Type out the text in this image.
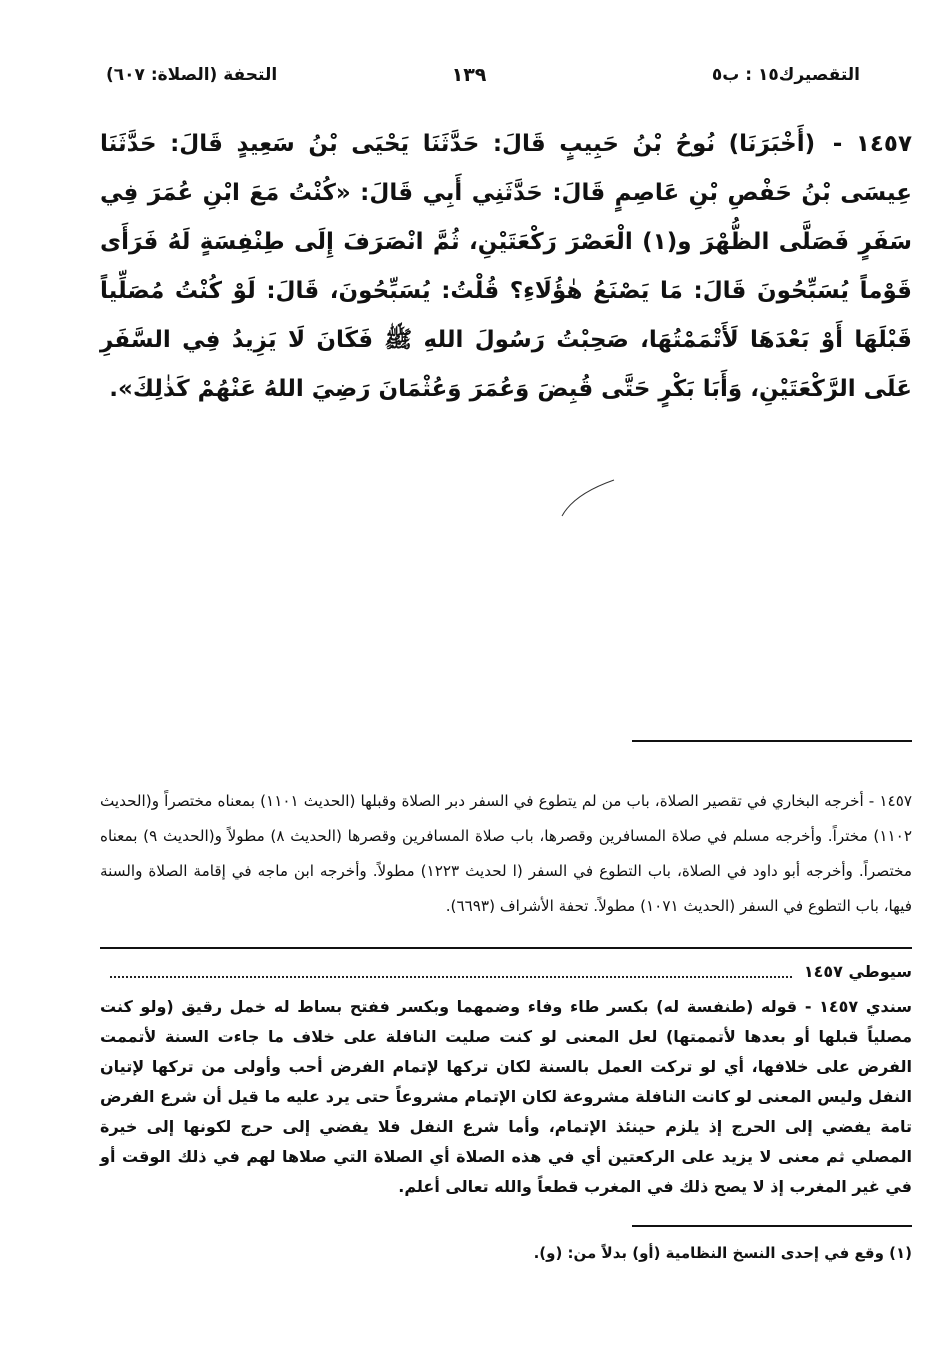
التقصيرك١٥ : ب٥
١٣٩
التحفة (الصلاة: ٦٠٧)

١٤٥٧ - (أَخْبَرَنَا) نُوحُ بْنُ حَبِيبٍ قَالَ: حَدَّثَنَا يَحْيَى بْنُ سَعِيدٍ قَالَ: حَدَّثَنَا عِيسَى بْنُ حَفْصِ بْنِ عَاصِمٍ قَالَ: حَدَّثَنِي أَبِي قَالَ: «كُنْتُ مَعَ ابْنِ عُمَرَ فِي سَفَرٍ فَصَلَّى الظُّهْرَ و(١) الْعَصْرَ رَكْعَتَيْنِ، ثُمَّ انْصَرَفَ إِلَى طِنْفِسَةٍ لَهُ فَرَأَى قَوْماً يُسَبِّحُونَ قَالَ: مَا يَصْنَعُ هٰؤُلَاءِ؟ قُلْتُ: يُسَبِّحُونَ، قَالَ: لَوْ كُنْتُ مُصَلِّياً قَبْلَهَا أَوْ بَعْدَهَا لَأَتْمَمْتُهَا، صَحِبْتُ رَسُولَ اللهِ ﷺ فَكَانَ لَا يَزِيدُ فِي السَّفَرِ عَلَى الرَّكْعَتَيْنِ، وَأَبَا بَكْرٍ حَتَّى قُبِضَ وَعُمَرَ وَعُثْمَانَ رَضِيَ اللهُ عَنْهُمْ كَذٰلِكَ».

١٤٥٧ - أخرجه البخاري في تقصير الصلاة، باب من لم يتطوع في السفر دبر الصلاة وقبلها (الحديث ١١٠١) بمعناه مختصراً و(الحديث ١١٠٢) مختراً. وأخرجه مسلم في صلاة المسافرين وقصرها، باب صلاة المسافرين وقصرها (الحديث ٨) مطولاً و(الحديث ٩) بمعناه مختصراً. وأخرجه أبو داود في الصلاة، باب التطوع في السفر (ا لحديث ١٢٢٣) مطولاً. وأخرجه ابن ماجه في إقامة الصلاة والسنة فيها، باب التطوع في السفر (الحديث ١٠٧١) مطولاً. تحفة الأشراف (٦٦٩٣).

سيوطي ١٤٥٧

سندي ١٤٥٧ - قوله (طنفسة له) بكسر طاء وفاء وضمهما وبكسر ففتح بساط له خمل رقيق (ولو كنت مصلياً قبلها أو بعدها لأتممتها) لعل المعنى لو كنت صليت النافلة على خلاف ما جاءت السنة لأتممت الفرض على خلافها، أي لو تركت العمل بالسنة لكان تركها لإتمام الفرض أحب وأولى من تركها لإتيان النفل وليس المعنى لو كانت النافلة مشروعة لكان الإتمام مشروعاً حتى يرد عليه ما قيل أن شرع الفرض تامة يفضي إلى الحرج إذ يلزم حينئذ الإتمام، وأما شرع النفل فلا يفضي إلى حرج لكونها إلى خيرة المصلي ثم معنى لا يزيد على الركعتين أي في هذه الصلاة أي الصلاة التي صلاها لهم في ذلك الوقت أو في غير المغرب إذ لا يصح ذلك في المغرب قطعاً والله تعالى أعلم.

(١) وقع في إحدى النسخ النظامية (أو) بدلاً من: (و).
